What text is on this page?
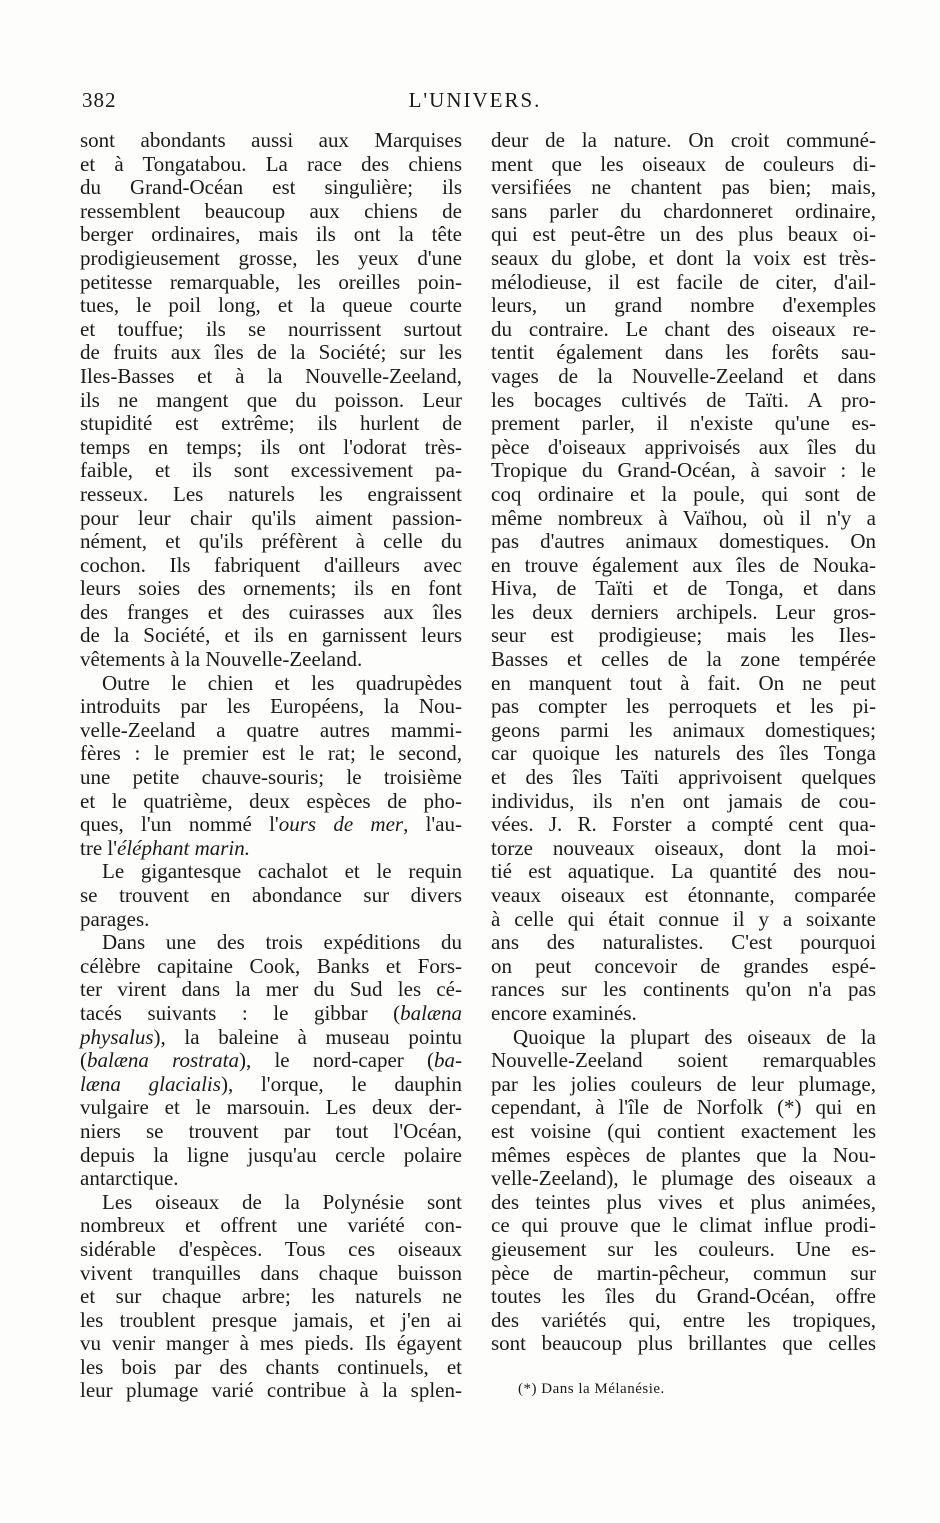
382	L'UNIVERS.
sont abondants aussi aux Marquises
et à Tongatabou. La race des chiens
du Grand-Océan est singulière; ils
ressemblent beaucoup aux chiens de
berger ordinaires, mais ils ont la tête
prodigieusement grosse, les yeux d'une
petitesse remarquable, les oreilles poin-
tues, le poil long, et la queue courte
et touffue; ils se nourrissent surtout
de fruits aux îles de la Société; sur les
Iles-Basses et à la Nouvelle-Zeeland,
ils ne mangent que du poisson. Leur
stupidité est extrême; ils hurlent de
temps en temps; ils ont l'odorat très-
faible, et ils sont excessivement pa-
resseux. Les naturels les engraissent
pour leur chair qu'ils aiment passion-
nément, et qu'ils préfèrent à celle du
cochon. Ils fabriquent d'ailleurs avec
leurs soies des ornements; ils en font
des franges et des cuirasses aux îles
de la Société, et ils en garnissent leurs
vêtements à la Nouvelle-Zeeland.
Outre le chien et les quadrupèdes
introduits par les Européens, la Nou-
velle-Zeeland a quatre autres mammi-
fères : le premier est le rat; le second,
une petite chauve-souris; le troisième
et le quatrième, deux espèces de pho-
ques, l'un nommé l'ours de mer, l'au-
tre l'éléphant marin.
Le gigantesque cachalot et le requin
se trouvent en abondance sur divers
parages.
Dans une des trois expéditions du
célèbre capitaine Cook, Banks et Fors-
ter virent dans la mer du Sud les cé-
tacés suivants : le gibbar (balæna
physalus), la baleine à museau pointu
(balæna rostrata), le nord-caper (ba-
læna glacialis), l'orque, le dauphin
vulgaire et le marsouin. Les deux der-
niers se trouvent par tout l'Océan,
depuis la ligne jusqu'au cercle polaire
antarctique.
Les oiseaux de la Polynésie sont
nombreux et offrent une variété con-
sidérable d'espèces. Tous ces oiseaux
vivent tranquilles dans chaque buisson
et sur chaque arbre; les naturels ne
les troublent presque jamais, et j'en ai
vu venir manger à mes pieds. Ils égayent
les bois par des chants continuels, et
leur plumage varié contribue à la splen-
deur de la nature. On croit communé-
ment que les oiseaux de couleurs di-
versifiées ne chantent pas bien; mais,
sans parler du chardonneret ordinaire,
qui est peut-être un des plus beaux oi-
seaux du globe, et dont la voix est très-
mélodieuse, il est facile de citer, d'ail-
leurs, un grand nombre d'exemples
du contraire. Le chant des oiseaux re-
tentit également dans les forêts sau-
vages de la Nouvelle-Zeeland et dans
les bocages cultivés de Taïti. A pro-
prement parler, il n'existe qu'une es-
pèce d'oiseaux apprivoisés aux îles du
Tropique du Grand-Océan, à savoir : le
coq ordinaire et la poule, qui sont de
même nombreux à Vaïhou, où il n'y a
pas d'autres animaux domestiques. On
en trouve également aux îles de Nouka-
Hiva, de Taïti et de Tonga, et dans
les deux derniers archipels. Leur gros-
seur est prodigieuse; mais les Iles-
Basses et celles de la zone tempérée
en manquent tout à fait. On ne peut
pas compter les perroquets et les pi-
geons parmi les animaux domestiques;
car quoique les naturels des îles Tonga
et des îles Taïti apprivoisent quelques
individus, ils n'en ont jamais de cou-
vées. J. R. Forster a compté cent qua-
torze nouveaux oiseaux, dont la moi-
tié est aquatique. La quantité des nou-
veaux oiseaux est étonnante, comparée
à celle qui était connue il y a soixante
ans des naturalistes. C'est pourquoi
on peut concevoir de grandes espé-
rances sur les continents qu'on n'a pas
encore examinés.
Quoique la plupart des oiseaux de la
Nouvelle-Zeeland soient remarquables
par les jolies couleurs de leur plumage,
cependant, à l'île de Norfolk (*) qui en
est voisine (qui contient exactement les
mêmes espèces de plantes que la Nou-
velle-Zeeland), le plumage des oiseaux a
des teintes plus vives et plus animées,
ce qui prouve que le climat influe prodi-
gieusement sur les couleurs. Une es-
pèce de martin-pêcheur, commun sur
toutes les îles du Grand-Océan, offre
des variétés qui, entre les tropiques,
sont beaucoup plus brillantes que celles
(*) Dans la Mélanésie.
